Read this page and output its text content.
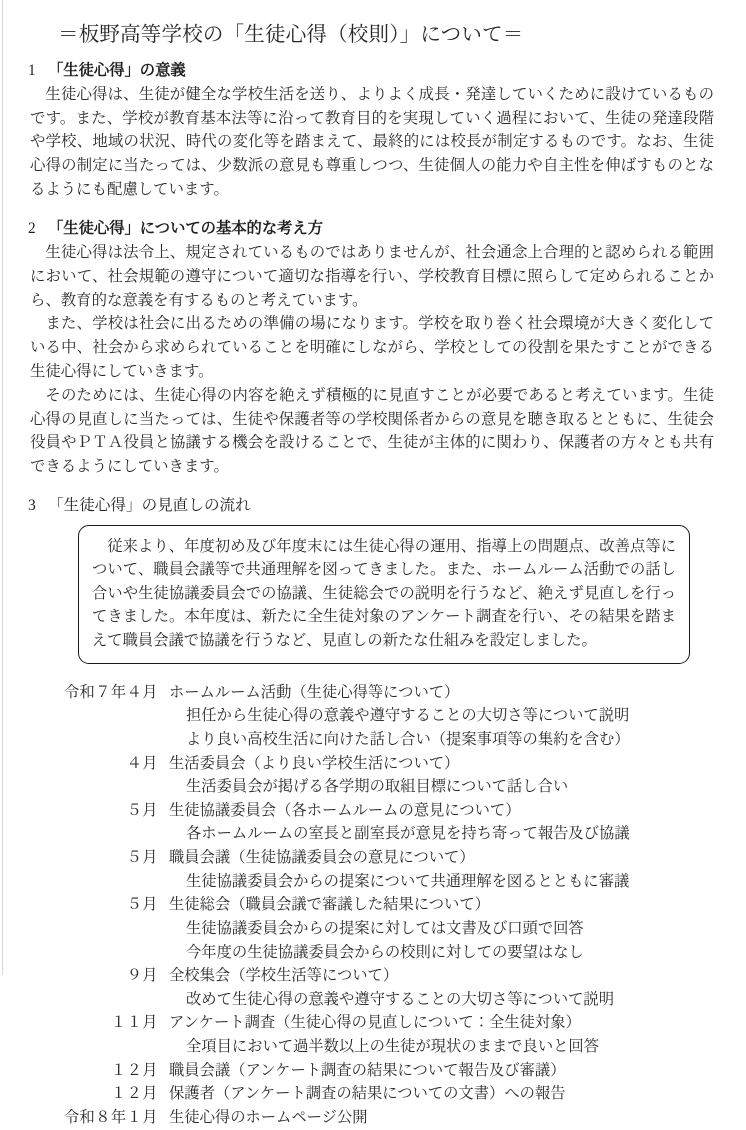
＝板野高等学校の「生徒心得（校則）」について＝
1 「生徒心得」の意義

生徒心得は、生徒が健全な学校生活を送り、よりよく成長・発達していくために設けているものです。また、学校が教育基本法等に沿って教育目的を実現していく過程において、生徒の発達段階や学校、地域の状況、時代の変化等を踏まえて、最終的には校長が制定するものです。なお、生徒心得の制定に当たっては、少数派の意見も尊重しつつ、生徒個人の能力や自主性を伸ばすものとなるようにも配慮しています。

2 「生徒心得」についての基本的な考え方

生徒心得は法令上、規定されているものではありませんが、社会通念上合理的と認められる範囲において、社会規範の遵守について適切な指導を行い、学校教育目標に照らして定められることから、教育的な意義を有するものと考えています。

また、学校は社会に出るための準備の場になります。学校を取り巻く社会環境が大きく変化している中、社会から求められていることを明確にしながら、学校としての役割を果たすことができる生徒心得にしていきます。

そのためには、生徒心得の内容を絶えず積極的に見直すことが必要であると考えています。生徒心得の見直しに当たっては、生徒や保護者等の学校関係者からの意見を聴き取るとともに、生徒会役員やＰＴＡ役員と協議する機会を設けることで、生徒が主体的に関わり、保護者の方々とも共有できるようにしていきます。

3 「生徒心得」の見直しの流れ

従来より、年度初め及び年度末には生徒心得の運用、指導上の問題点、改善点等について、職員会議等で共通理解を図ってきました。また、ホームルーム活動での話し合いや生徒協議委員会での協議、生徒総会での説明を行うなど、絶えず見直しを行ってきました。本年度は、新たに全生徒対象のアンケート調査を行い、その結果を踏まえて職員会議で協議を行うなど、見直しの新たな仕組みを設定しました。

令和７年４月 ホームルーム活動（生徒心得等について）
担任から生徒心得の意義や遵守することの大切さ等について説明
より良い高校生活に向けた話し合い（提案事項等の集約を含む）
４月 生活委員会（より良い学校生活について）
生活委員会が掲げる各学期の取組目標について話し合い
５月 生徒協議委員会（各ホームルームの意見について）
各ホームルームの室長と副室長が意見を持ち寄って報告及び協議
５月 職員会議（生徒協議委員会の意見について）
生徒協議委員会からの提案について共通理解を図るとともに審議
５月 生徒総会（職員会議で審議した結果について）
生徒協議委員会からの提案に対しては文書及び口頭で回答
今年度の生徒協議委員会からの校則に対しての要望はなし
９月 全校集会（学校生活等について）
改めて生徒心得の意義や遵守することの大切さ等について説明
１１月 アンケート調査（生徒心得の見直しについて：全生徒対象）
全項目において過半数以上の生徒が現状のままで良いと回答
１２月 職員会議（アンケート調査の結果について報告及び審議）
１２月 保護者（アンケート調査の結果についての文書）への報告
令和８年１月 生徒心得のホームページ公開
